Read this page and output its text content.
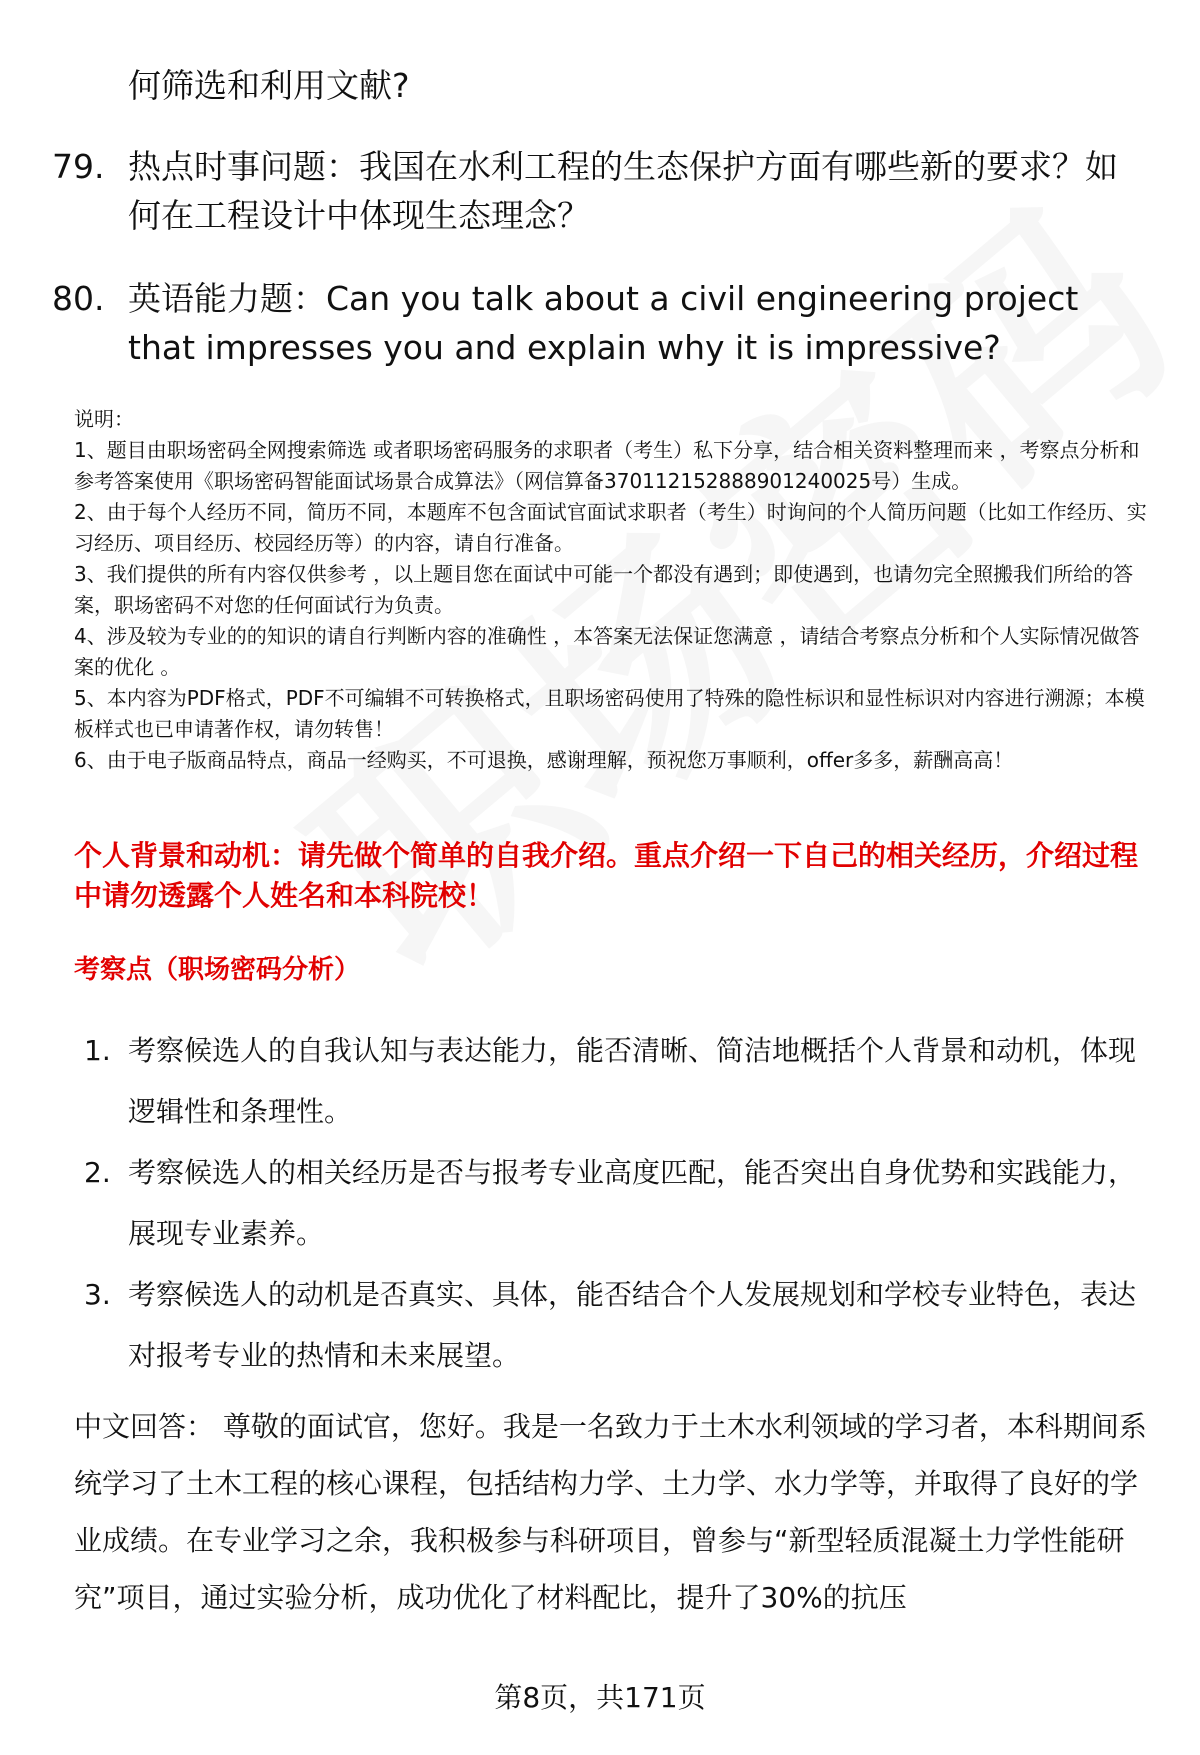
何筛选和利用文献?

79. 热点时事问题：我国在水利工程的生态保护方面有哪些新的要求？如何在工程设计中体现生态理念？
80. 英语能力题：Can you talk about a civil engineering project that impresses you and explain why it is impressive?
说明：
1、题目由职场密码全网搜索筛选 或者职场密码服务的求职者（考生）私下分享，结合相关资料整理而来 ，考察点分析和参考答案使用《职场密码智能面试场景合成算法》（网信算备370112152888901240025号）生成。
2、由于每个人经历不同，简历不同，本题库不包含面试官面试求职者（考生）时询问的个人简历问题（比如工作经历、实习经历、项目经历、校园经历等）的内容，请自行准备。
3、我们提供的所有内容仅供参考 ，以上题目您在面试中可能一个都没有遇到；即使遇到，也请勿完全照搬我们所给的答案，职场密码不对您的任何面试行为负责。
4、涉及较为专业的的知识的请自行判断内容的准确性 ，本答案无法保证您满意 ，请结合考察点分析和个人实际情况做答案的优化 。
5、本内容为PDF格式，PDF不可编辑不可转换格式，且职场密码使用了特殊的隐性标识和显性标识对内容进行溯源；本模板样式也已申请著作权，请勿转售！
6、由于电子版商品特点，商品一经购买，不可退换，感谢理解，预祝您万事顺利，offer多多，薪酬高高！

个人背景和动机：请先做个简单的自我介绍。重点介绍一下自己的相关经历，介绍过程中请勿透露个人姓名和本科院校！

考察点（职场密码分析）

1. 考察候选人的自我认知与表达能力，能否清晰、简洁地概括个人背景和动机，体现逻辑性和条理性。
2. 考察候选人的相关经历是否与报考专业高度匹配，能否突出自身优势和实践能力，展现专业素养。
3. 考察候选人的动机是否真实、具体，能否结合个人发展规划和学校专业特色，表达对报考专业的热情和未来展望。

中文回答： 尊敬的面试官，您好。我是一名致力于土木水利领域的学习者，本科期间系统学习了土木工程的核心课程，包括结构力学、土力学、水力学等，并取得了良好的学业成绩。在专业学习之余，我积极参与科研项目，曾参与“新型轻质混凝土力学性能研究”项目，通过实验分析，成功优化了材料配比，提升了30%的抗压

第8页，共171页
